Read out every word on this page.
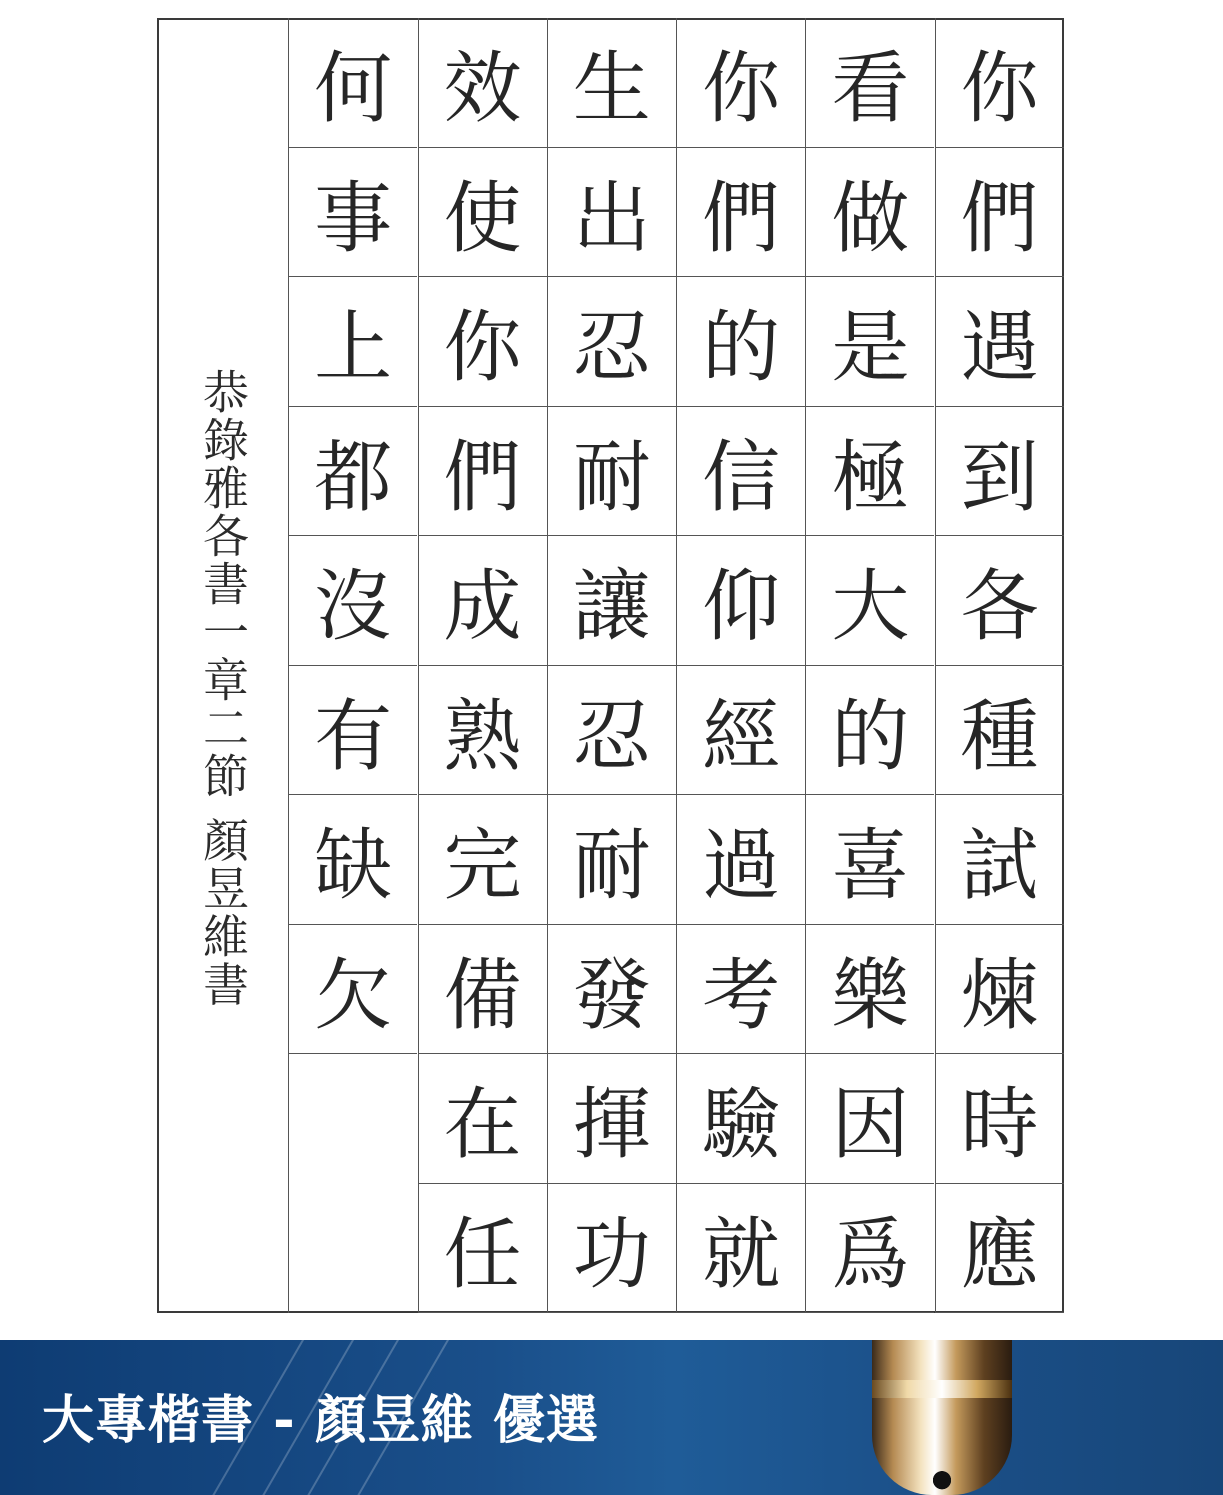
恭錄雅各書一章二節 顏昱維書
你
們
遇
到
各
種
試
煉
時
應
看
做
是
極
大
的
喜
樂
因
爲
你
們
的
信
仰
經
過
考
驗
就
生
出
忍
耐
讓
忍
耐
發
揮
功
效
使
你
們
成
熟
完
備
在
任
何
事
上
都
沒
有
缺
欠
大專楷書 - 顏昱維 優選
